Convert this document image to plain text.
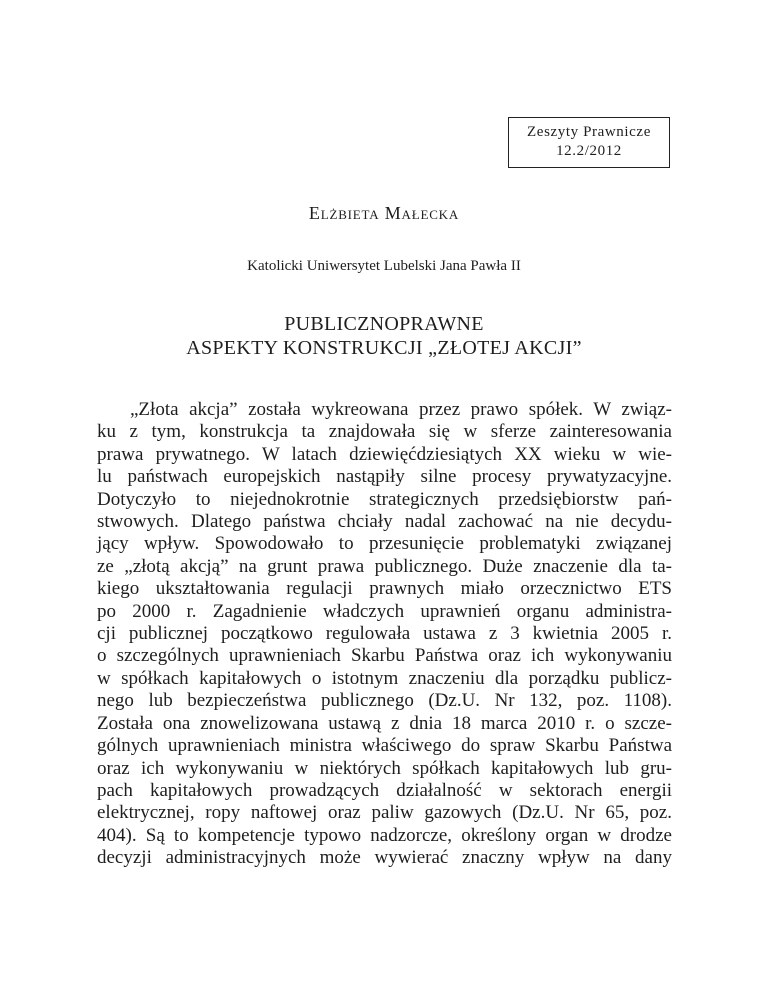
Zeszyty Prawnicze
12.2/2012
Elżbieta Małecka
Katolicki Uniwersytet Lubelski Jana Pawła II
PUBLICZNOPRAWNE
ASPEKTY KONSTRUKCJI „ZŁOTEJ AKCJI”
„Złota akcja” została wykreowana przez prawo spółek. W związ-
ku z tym, konstrukcja ta znajdowała się w sferze zainteresowania
prawa prywatnego. W latach dziewięćdziesiątych XX wieku w wie-
lu państwach europejskich nastąpiły silne procesy prywatyzacyjne.
Dotyczyło to niejednokrotnie strategicznych przedsiębiorstw pań-
stwowych. Dlatego państwa chciały nadal zachować na nie decydu-
jący wpływ. Spowodowało to przesunięcie problematyki związanej
ze „złotą akcją” na grunt prawa publicznego. Duże znaczenie dla ta-
kiego ukształtowania regulacji prawnych miało orzecznictwo ETS
po 2000 r. Zagadnienie władczych uprawnień organu administra-
cji publicznej początkowo regulowała ustawa z 3 kwietnia 2005 r.
o szczególnych uprawnieniach Skarbu Państwa oraz ich wykonywaniu
w spółkach kapitałowych o istotnym znaczeniu dla porządku publicz-
nego lub bezpieczeństwa publicznego (Dz.U. Nr 132, poz. 1108).
Została ona znowelizowana ustawą z dnia 18 marca 2010 r. o szcze-
gólnych uprawnieniach ministra właściwego do spraw Skarbu Państwa
oraz ich wykonywaniu w niektórych spółkach kapitałowych lub gru-
pach kapitałowych prowadzących działalność w sektorach energii
elektrycznej, ropy naftowej oraz paliw gazowych (Dz.U. Nr 65, poz.
404). Są to kompetencje typowo nadzorcze, określony organ w drodze
decyzji administracyjnych może wywierać znaczny wpływ na dany
